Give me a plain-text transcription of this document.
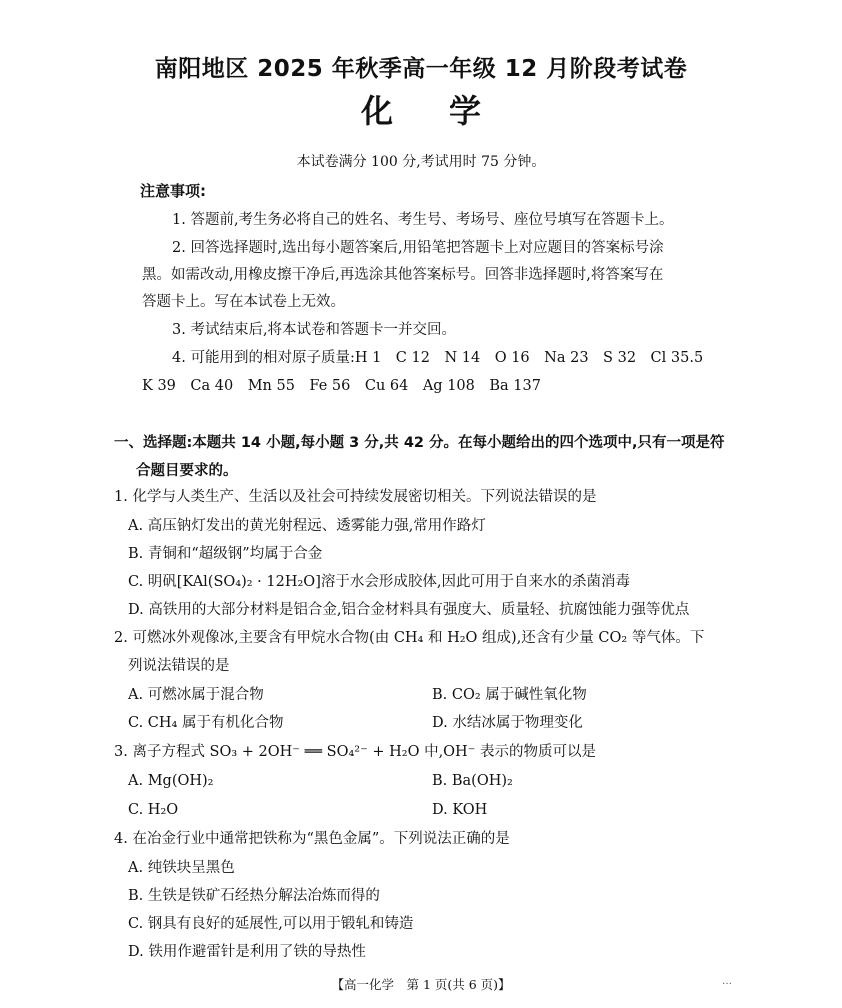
南阳地区 2025 年秋季高一年级 12 月阶段考试卷
化学
本试卷满分 100 分,考试用时 75 分钟。
注意事项:
1. 答题前,考生务必将自己的姓名、考生号、考场号、座位号填写在答题卡上。
2. 回答选择题时,选出每小题答案后,用铅笔把答题卡上对应题目的答案标号涂
黑。如需改动,用橡皮擦干净后,再选涂其他答案标号。回答非选择题时,将答案写在
答题卡上。写在本试卷上无效。
3. 考试结束后,将本试卷和答题卡一并交回。
4. 可能用到的相对原子质量:H 1　C 12　N 14　O 16　Na 23　S 32　Cl 35.5
K 39　Ca 40　Mn 55　Fe 56　Cu 64　Ag 108　Ba 137
一、选择题:本题共 14 小题,每小题 3 分,共 42 分。在每小题给出的四个选项中,只有一项是符
合题目要求的。
1. 化学与人类生产、生活以及社会可持续发展密切相关。下列说法错误的是
A. 高压钠灯发出的黄光射程远、透雾能力强,常用作路灯
B. 青铜和“超级钢”均属于合金
C. 明矾[KAl(SO₄)₂ · 12H₂O]溶于水会形成胶体,因此可用于自来水的杀菌消毒
D. 高铁用的大部分材料是铝合金,铝合金材料具有强度大、质量轻、抗腐蚀能力强等优点
2. 可燃冰外观像冰,主要含有甲烷水合物(由 CH₄ 和 H₂O 组成),还含有少量 CO₂ 等气体。下
列说法错误的是
A. 可燃冰属于混合物	B. CO₂ 属于碱性氧化物
C. CH₄ 属于有机化合物	D. 水结冰属于物理变化
3. 离子方程式 SO₃ + 2OH⁻ ══ SO₄²⁻ + H₂O 中,OH⁻ 表示的物质可以是
A. Mg(OH)₂	B. Ba(OH)₂
C. H₂O	D. KOH
4. 在冶金行业中通常把铁称为“黑色金属”。下列说法正确的是
A. 纯铁块呈黑色
B. 生铁是铁矿石经热分解法冶炼而得的
C. 钢具有良好的延展性,可以用于锻轧和铸造
D. 铁用作避雷针是利用了铁的导热性
【高一化学　第 1 页(共 6 页)】	…
